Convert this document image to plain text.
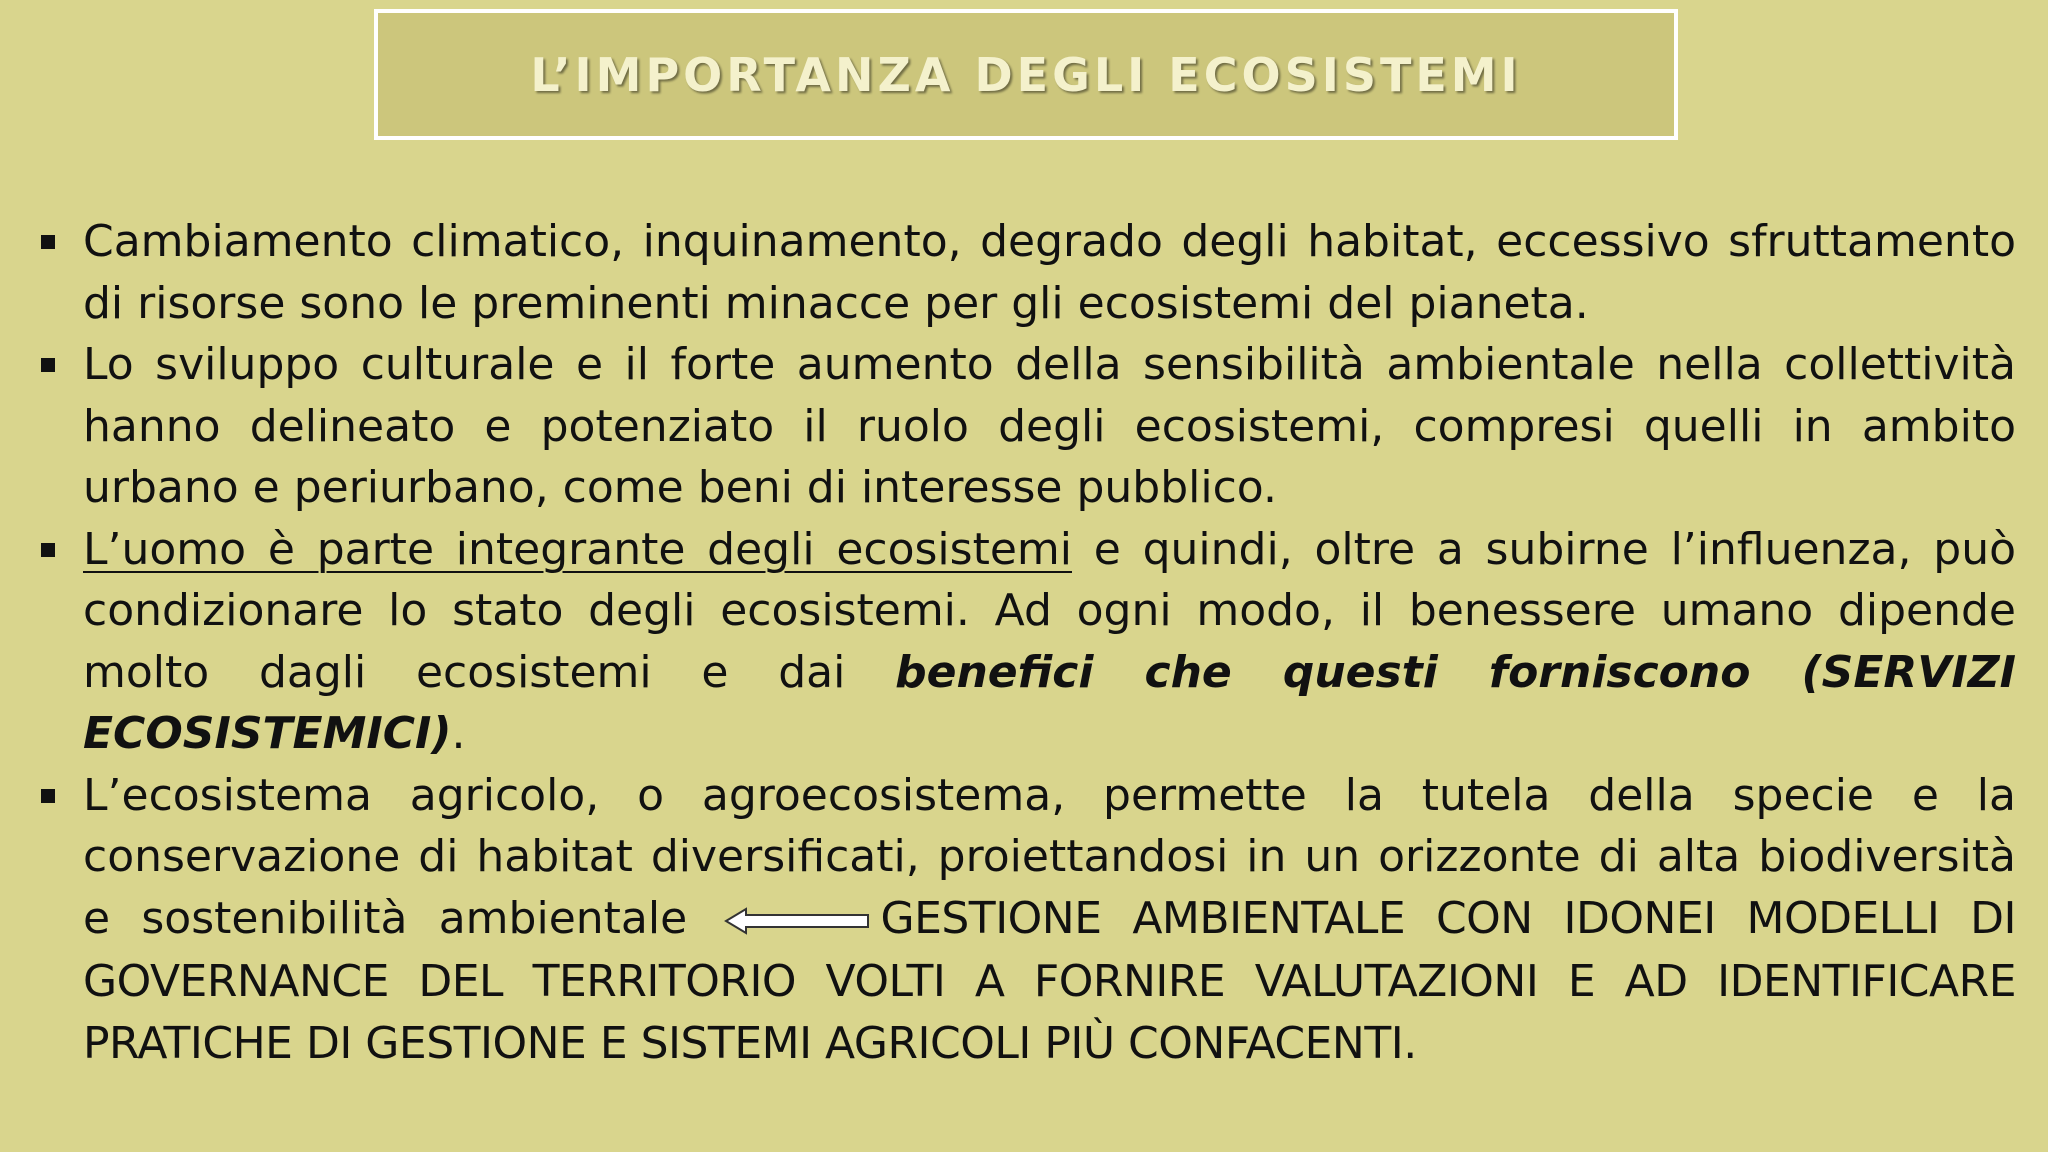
L’IMPORTANZA DEGLI ECOSISTEMI
Cambiamento climatico, inquinamento, degrado degli habitat, eccessivo sfruttamento di risorse sono le preminenti minacce per gli ecosistemi del pianeta.
Lo sviluppo culturale e il forte aumento della sensibilità ambientale nella collettività hanno delineato e potenziato il ruolo degli ecosistemi, compresi quelli in ambito urbano e periurbano, come beni di interesse pubblico.
L’uomo è parte integrante degli ecosistemi e quindi, oltre a subirne l’influenza, può condizionare lo stato degli ecosistemi. Ad ogni modo, il benessere umano dipende molto dagli ecosistemi e dai benefici che questi forniscono (SERVIZI ECOSISTEMICI).
L’ecosistema agricolo, o agroecosistema, permette la tutela della specie e la conservazione di habitat diversificati, proiettandosi in un orizzonte di alta biodiversità e sostenibilità ambientale	GESTIONE AMBIENTALE CON IDONEI MODELLI DI GOVERNANCE DEL TERRITORIO VOLTI A FORNIRE VALUTAZIONI E AD IDENTIFICARE PRATICHE DI GESTIONE E SISTEMI AGRICOLI PIÙ CONFACENTI.
